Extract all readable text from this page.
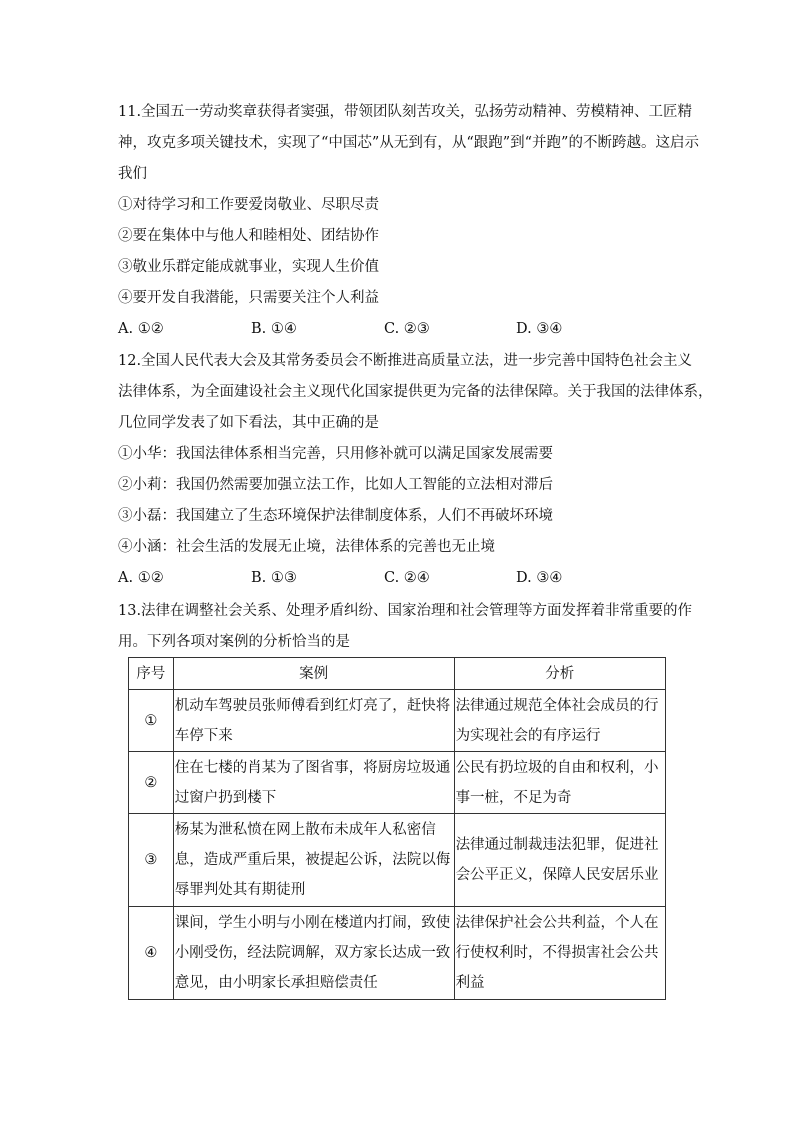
11.全国五一劳动奖章获得者窦强，带领团队刻苦攻关，弘扬劳动精神、劳模精神、工匠精
神，攻克多项关键技术，实现了“中国芯”从无到有，从“跟跑”到“并跑”的不断跨越。这启示
我们
①对待学习和工作要爱岗敬业、尽职尽责
②要在集体中与他人和睦相处、团结协作
③敬业乐群定能成就事业，实现人生价值
④要开发自我潜能，只需要关注个人利益
A. ①②	B. ①④	C. ②③	D. ③④
12.全国人民代表大会及其常务委员会不断推进高质量立法，进一步完善中国特色社会主义
法律体系，为全面建设社会主义现代化国家提供更为完备的法律保障。关于我国的法律体系，
几位同学发表了如下看法，其中正确的是
①小华：我国法律体系相当完善，只用修补就可以满足国家发展需要
②小莉：我国仍然需要加强立法工作，比如人工智能的立法相对滞后
③小磊：我国建立了生态环境保护法律制度体系，人们不再破坏环境
④小涵：社会生活的发展无止境，法律体系的完善也无止境
A. ①②	B. ①③	C. ②④	D. ③④
13.法律在调整社会关系、处理矛盾纠纷、国家治理和社会管理等方面发挥着非常重要的作
用。下列各项对案例的分析恰当的是
序号	案例	分析
①	机动车驾驶员张师傅看到红灯亮了，赶快将车停下来	法律通过规范全体社会成员的行为实现社会的有序运行
②	住在七楼的肖某为了图省事，将厨房垃圾通过窗户扔到楼下	公民有扔垃圾的自由和权利，小事一桩，不足为奇
③	杨某为泄私愤在网上散布未成年人私密信息，造成严重后果，被提起公诉，法院以侮辱罪判处其有期徒刑	法律通过制裁违法犯罪，促进社会公平正义，保障人民安居乐业
④	课间，学生小明与小刚在楼道内打闹，致使小刚受伤，经法院调解，双方家长达成一致意见，由小明家长承担赔偿责任	法律保护社会公共利益，个人在行使权利时，不得损害社会公共利益
